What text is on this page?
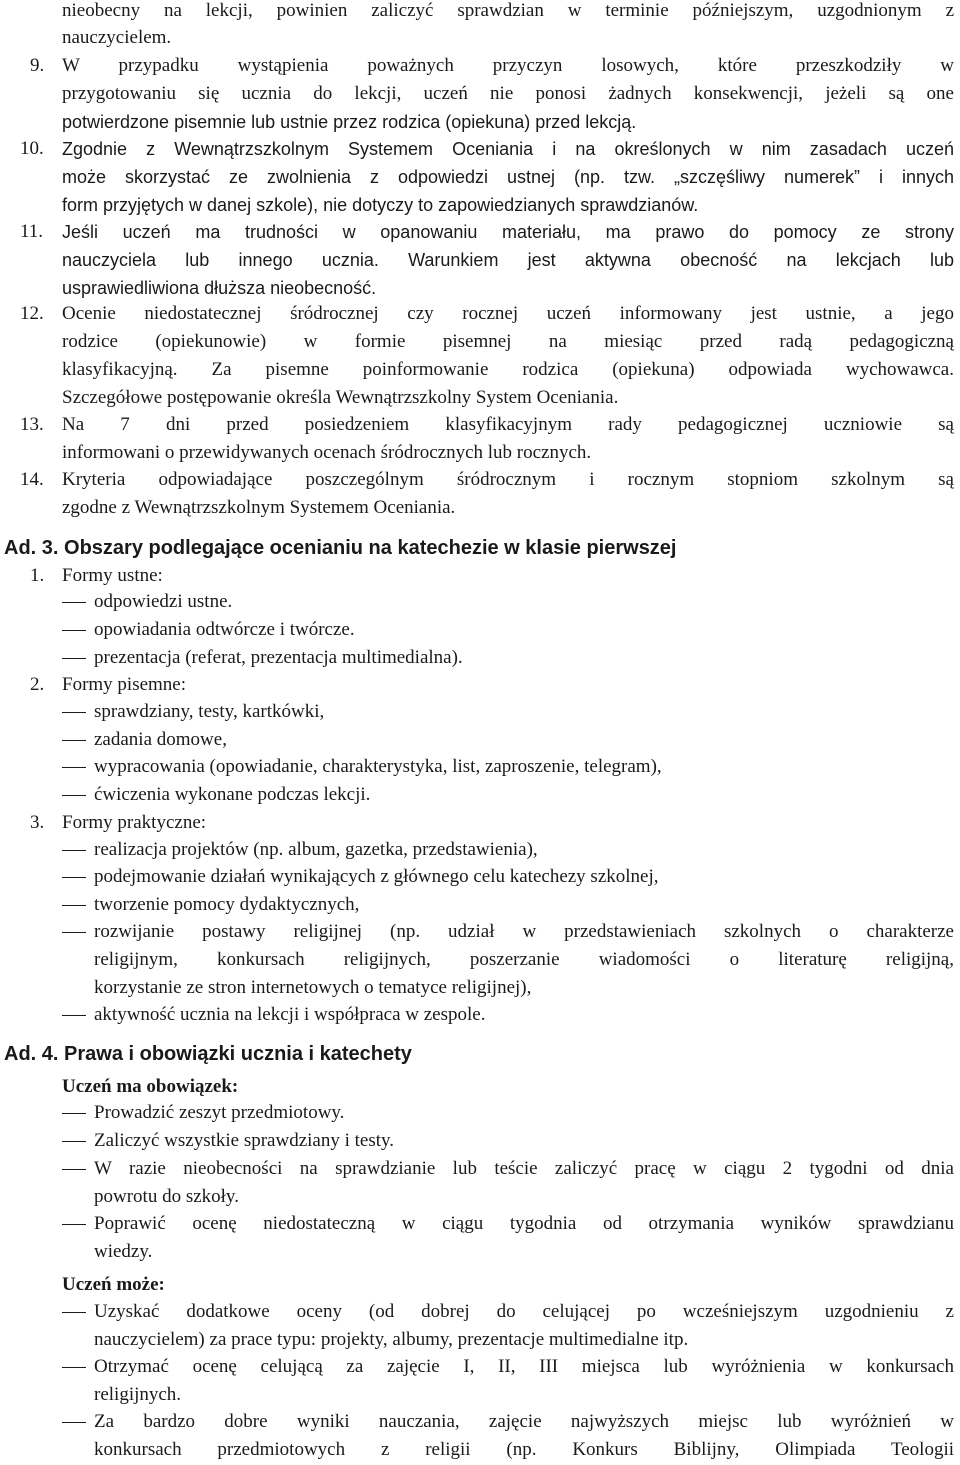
nieobecny na lekcji, powinien zaliczyć sprawdzian w terminie późniejszym, uzgodnionym z
nauczycielem.
9. W przypadku wystąpienia poważnych przyczyn losowych, które przeszkodziły w
przygotowaniu się ucznia do lekcji, uczeń nie ponosi żadnych konsekwencji, jeżeli są one
potwierdzone pisemnie lub ustnie przez rodzica (opiekuna) przed lekcją.
10. Zgodnie z Wewnątrzszkolnym Systemem Oceniania i na określonych w nim zasadach uczeń
może skorzystać ze zwolnienia z odpowiedzi ustnej (np. tzw. „szczęśliwy numerek” i innych
form przyjętych w danej szkole), nie dotyczy to zapowiedzianych sprawdzianów.
11. Jeśli uczeń ma trudności w opanowaniu materiału, ma prawo do pomocy ze strony
nauczyciela lub innego ucznia. Warunkiem jest aktywna obecność na lekcjach lub
usprawiedliwiona dłuższa nieobecność.
12. Ocenie niedostatecznej śródrocznej czy rocznej uczeń informowany jest ustnie, a jego
rodzice (opiekunowie) w formie pisemnej na miesiąc przed radą pedagogiczną
klasyfikacyjną. Za pisemne poinformowanie rodzica (opiekuna) odpowiada wychowawca.
Szczegółowe postępowanie określa Wewnątrzszkolny System Oceniania.
13. Na 7 dni przed posiedzeniem klasyfikacyjnym rady pedagogicznej uczniowie są
informowani o przewidywanych ocenach śródrocznych lub rocznych.
14. Kryteria odpowiadające poszczególnym śródrocznym i rocznym stopniom szkolnym są
zgodne z Wewnątrzszkolnym Systemem Oceniania.
Ad. 3. Obszary podlegające ocenianiu na katechezie w klasie pierwszej
1. Formy ustne:
odpowiedzi ustne.
opowiadania odtwórcze i twórcze.
prezentacja (referat, prezentacja multimedialna).
2. Formy pisemne:
sprawdziany, testy, kartkówki,
zadania domowe,
wypracowania (opowiadanie, charakterystyka, list, zaproszenie, telegram),
ćwiczenia wykonane podczas lekcji.
3. Formy praktyczne:
realizacja projektów (np. album, gazetka, przedstawienia),
podejmowanie działań wynikających z głównego celu katechezy szkolnej,
tworzenie pomocy dydaktycznych,
rozwijanie postawy religijnej (np. udział w przedstawieniach szkolnych o charakterze
religijnym, konkursach religijnych, poszerzanie wiadomości o literaturę religijną,
korzystanie ze stron internetowych o tematyce religijnej),
aktywność ucznia na lekcji i współpraca w zespole.
Ad. 4. Prawa i obowiązki ucznia i katechety
Uczeń ma obowiązek:
Prowadzić zeszyt przedmiotowy.
Zaliczyć wszystkie sprawdziany i testy.
W razie nieobecności na sprawdzianie lub teście zaliczyć pracę w ciągu 2 tygodni od dnia
powrotu do szkoły.
Poprawić ocenę niedostateczną w ciągu tygodnia od otrzymania wyników sprawdzianu
wiedzy.
Uczeń może:
Uzyskać dodatkowe oceny (od dobrej do celującej po wcześniejszym uzgodnieniu z
nauczycielem) za prace typu: projekty, albumy, prezentacje multimedialne itp.
Otrzymać ocenę celującą za zajęcie I, II, III miejsca lub wyróżnienia w konkursach
religijnych.
Za bardzo dobre wyniki nauczania, zajęcie najwyższych miejsc lub wyróżnień w
konkursach przedmiotowych z religii (np. Konkurs Biblijny, Olimpiada Teologii
